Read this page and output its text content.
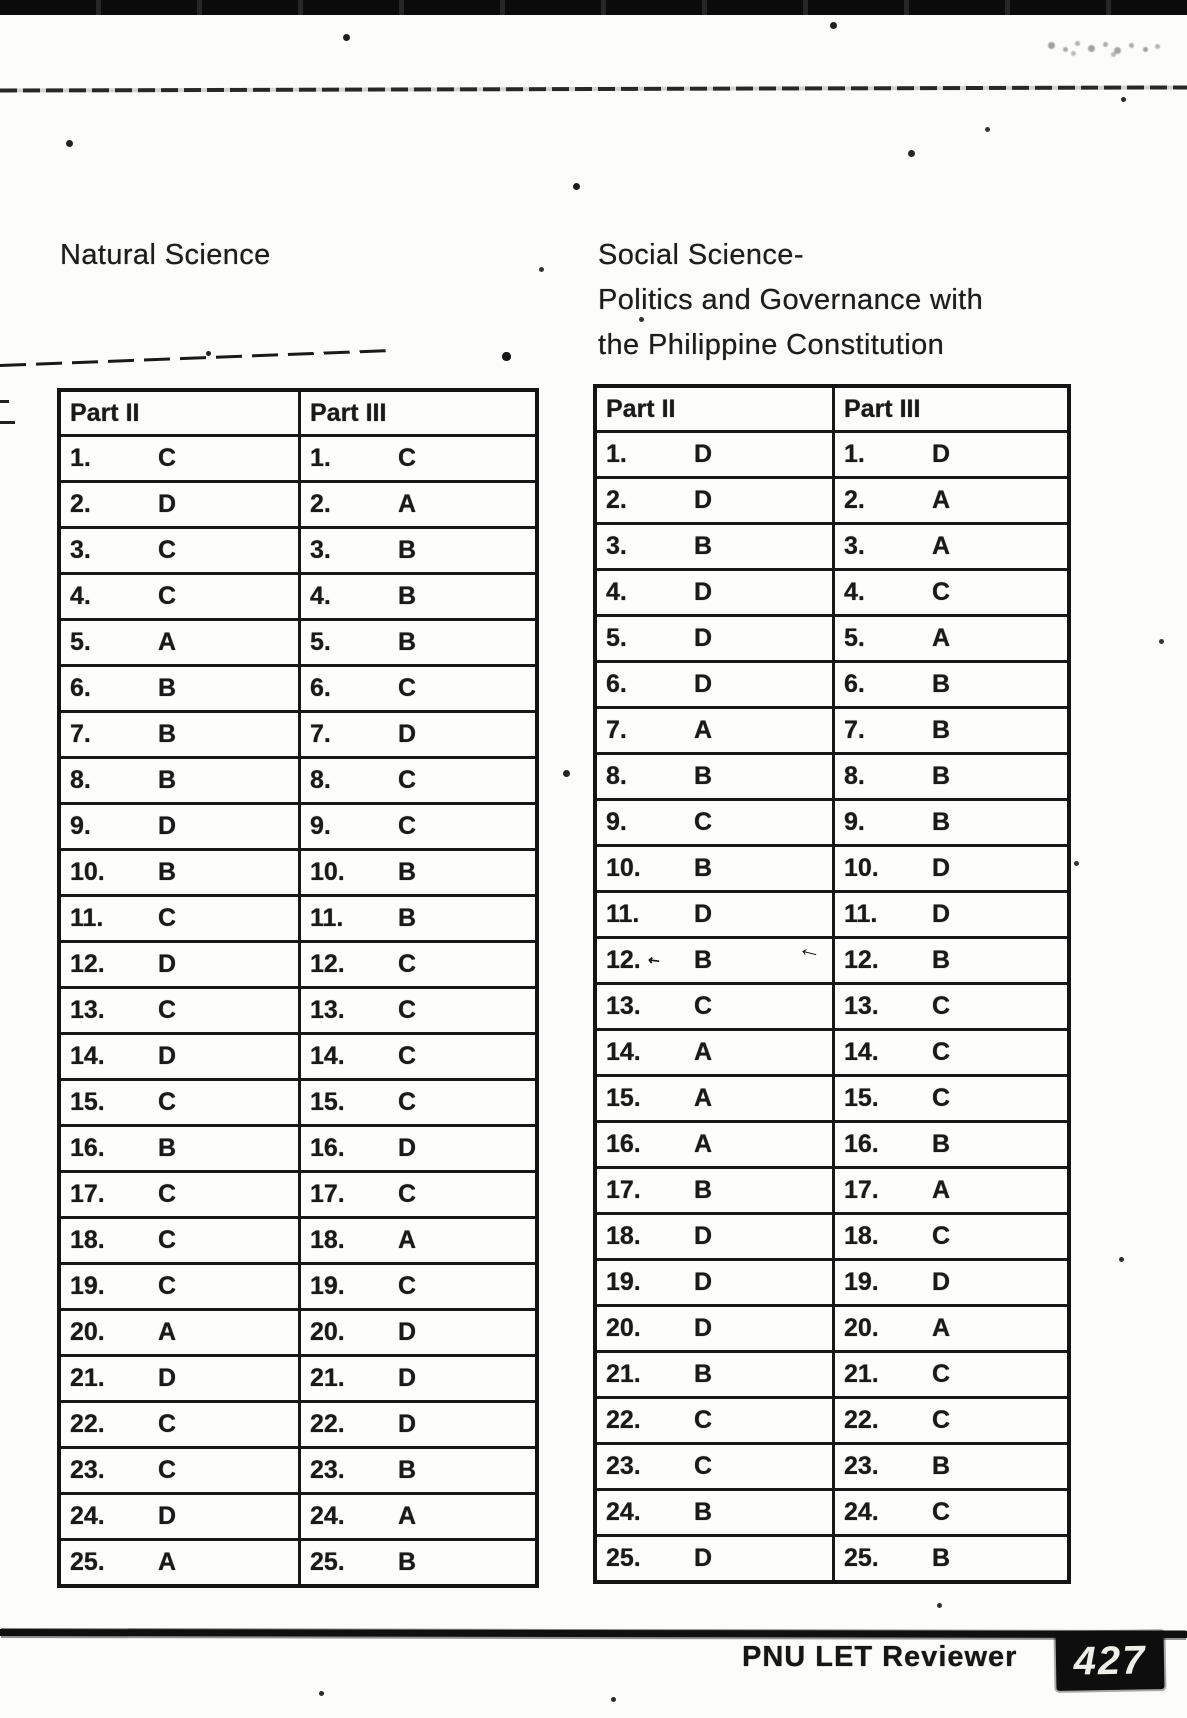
Natural Science	Social Science-
Politics and Governance with
the Philippine Constitution
Part II	Part III
1.	C	1.	C
2.	D	2.	A
3.	C	3.	B
4.	C	4.	B
5.	A	5.	B
6.	B	6.	C
7.	B	7.	D
8.	B	8.	C
9.	D	9.	C
10.	B	10.	B
11.	C	11.	B
12.	D	12.	C
13.	C	13.	C
14.	D	14.	C
15.	C	15.	C
16.	B	16.	D
17.	C	17.	C
18.	C	18.	A
19.	C	19.	C
20.	A	20.	D
21.	D	21.	D
22.	C	22.	D
23.	C	23.	B
24.	D	24.	A
25.	A	25.	B
Part II	Part III
1.	D	1.	D
2.	D	2.	A
3.	B	3.	A
4.	D	4.	C
5.	D	5.	A
6.	D	6.	B
7.	A	7.	B
8.	B	8.	B
9.	C	9.	B
10.	B	10.	D
11.	D	11.	D
12.	B	12.	B
13.	C	13.	C
14.	A	14.	C
15.	A	15.	C
16.	A	16.	B
17.	B	17.	A
18.	D	18.	C
19.	D	19.	D
20.	D	20.	A
21.	B	21.	C
22.	C	22.	C
23.	C	23.	B
24.	B	24.	C
25.	D	25.	B
←
↖
PNU LET Reviewer	427
